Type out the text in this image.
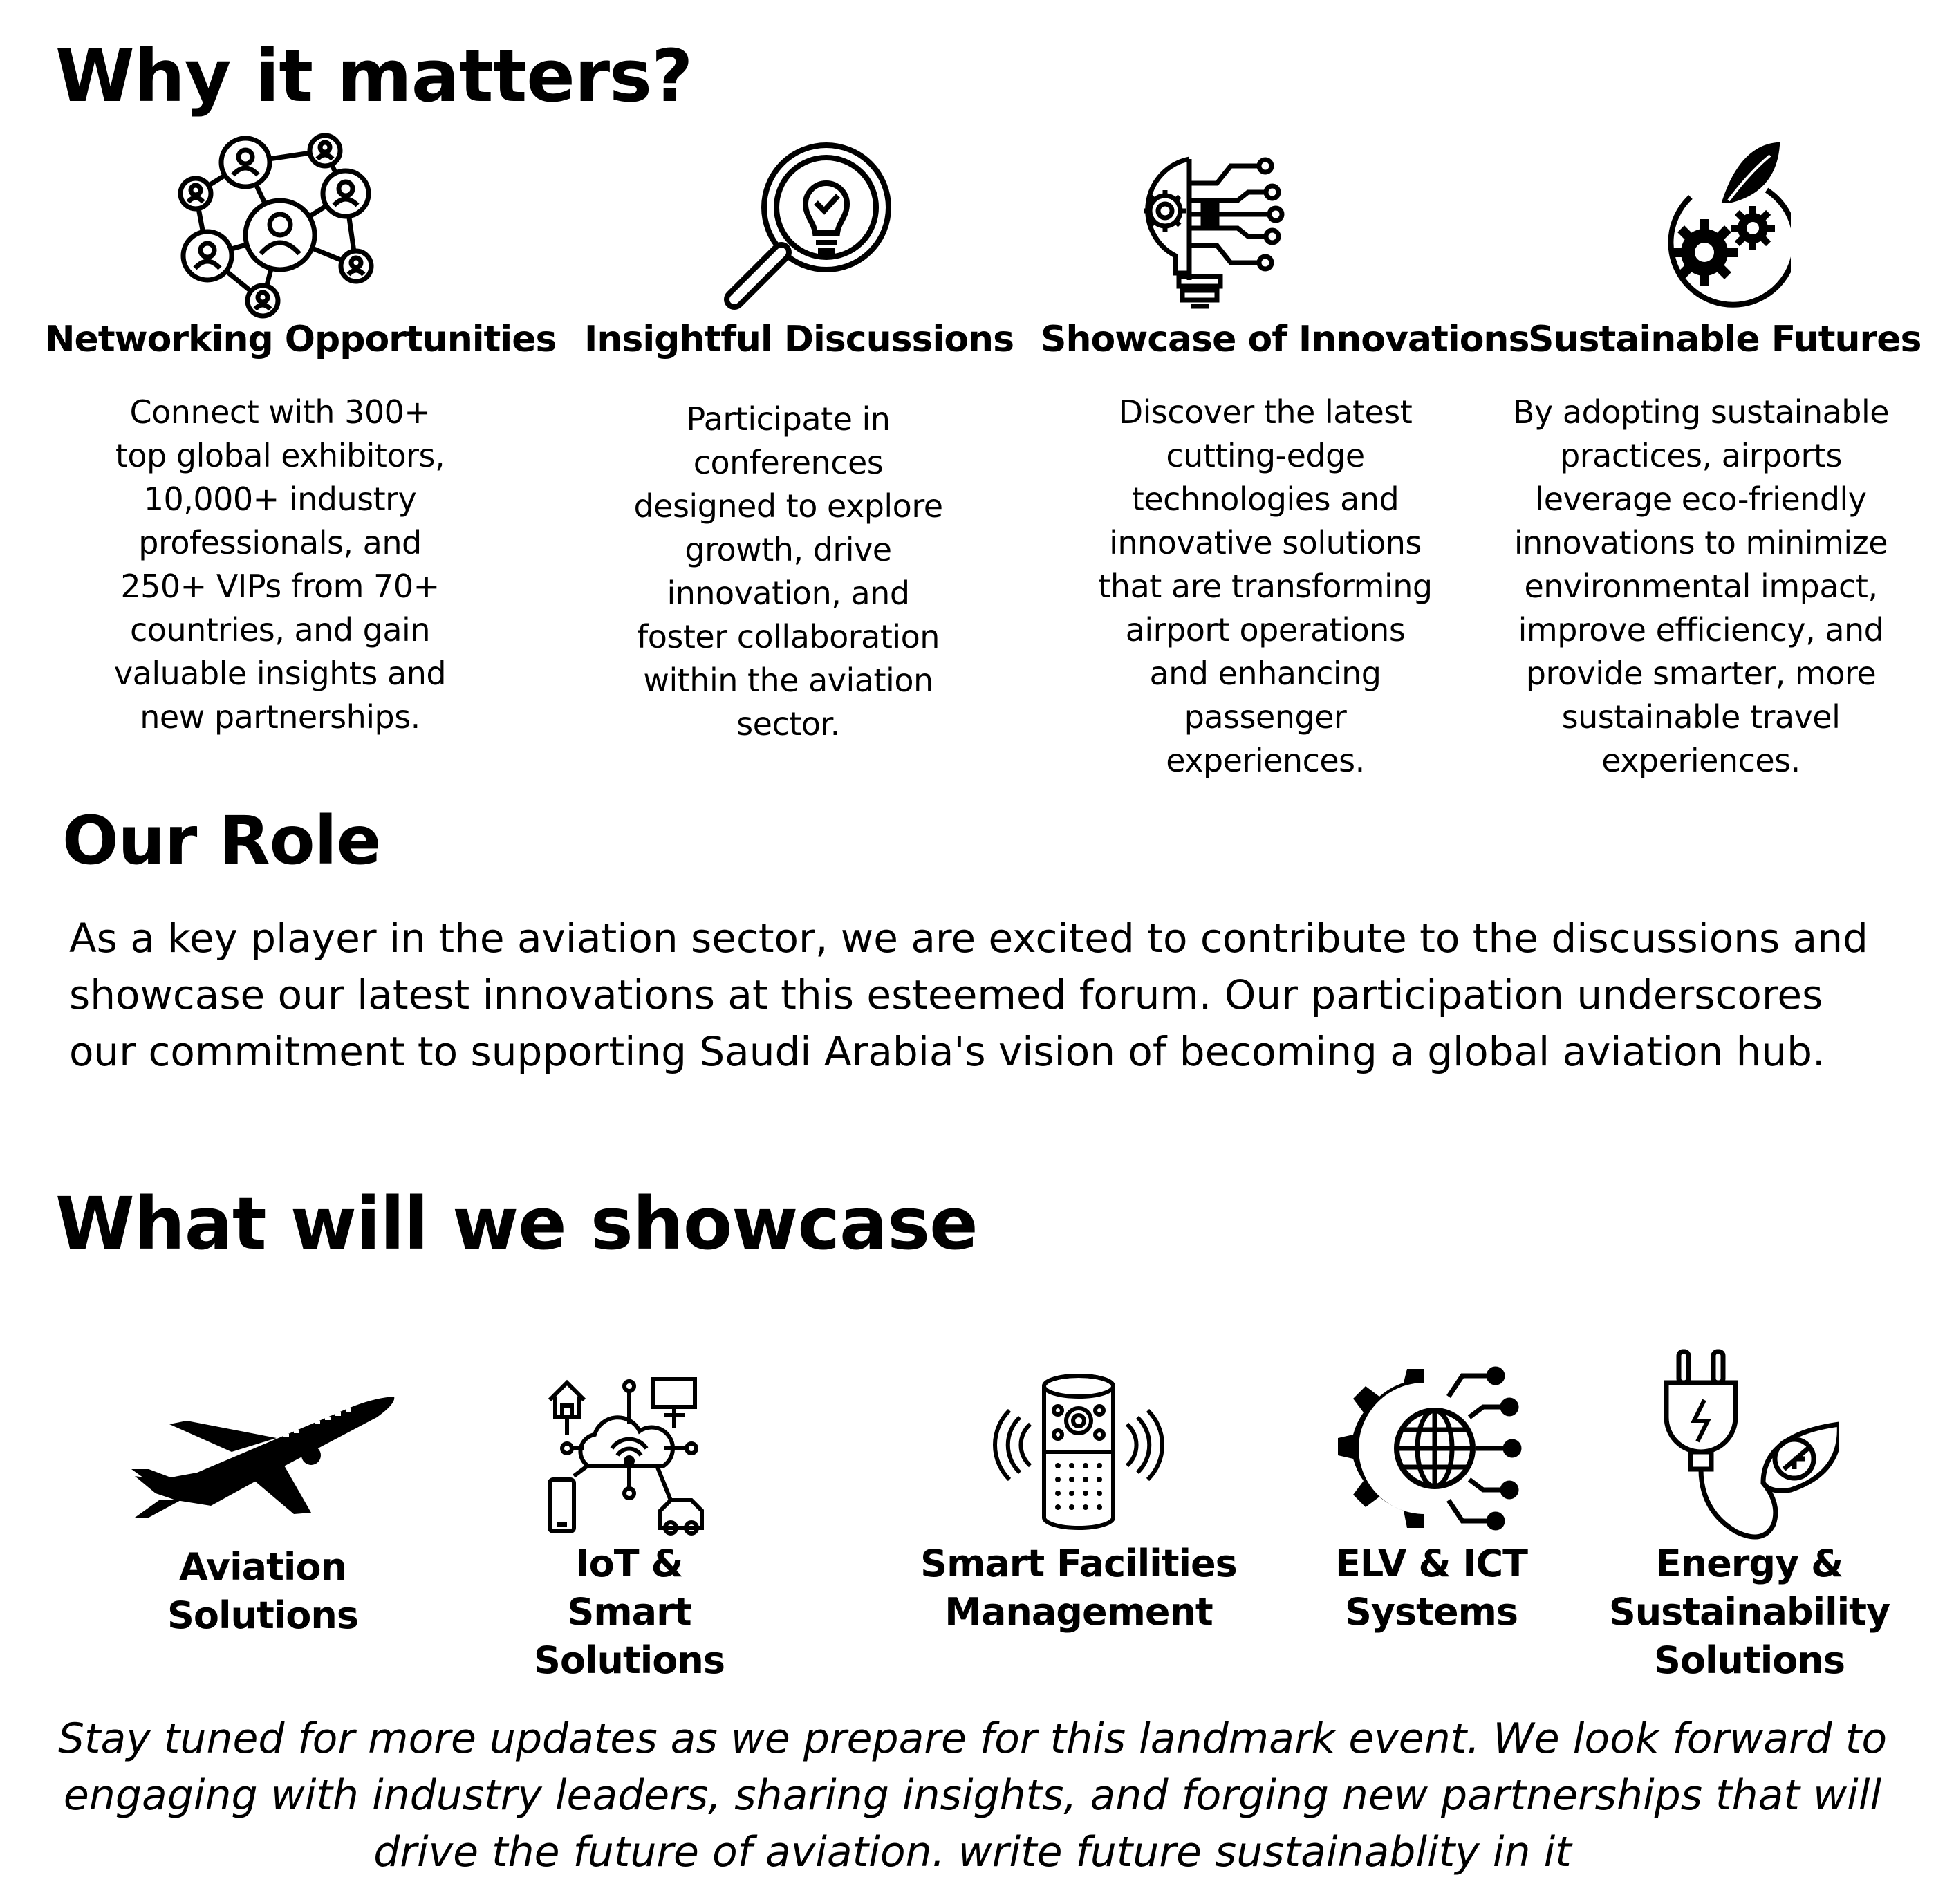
Why it matters?
Networking Opportunities Insightful Discussions Showcase of Innovations
Sustainable Futures
Connect with 300+ top global exhibitors, 10,000+ industry professionals, and 250+ VIPs from 70+ countries, and gain valuable insights and new partnerships.
Participate in conferences designed to explore growth, drive innovation, and foster collaboration within the aviation sector.
Discover the latest cutting-edge technologies and innovative solutions that are transforming airport operations and enhancing passenger experiences.
By adopting sustainable practices, airports leverage eco-friendly innovations to minimize environmental impact, improve efficiency, and provide smarter, more sustainable travel experiences.
Our Role
As a key player in the aviation sector, we are excited to contribute to the discussions and showcase our latest innovations at this esteemed forum. Our participation underscores our commitment to supporting Saudi Arabia's vision of becoming a global aviation hub.
What will we showcase
Aviation
Solutions
IoT & Smart
Solutions
Smart Facilities
Management
ELV & ICT
Systems
Energy &
Sustainability
Solutions
Stay tuned for more updates as we prepare for this landmark event. We look forward to engaging with industry leaders, sharing insights, and forging new partnerships that will drive the future of aviation. write future sustainablity in it
